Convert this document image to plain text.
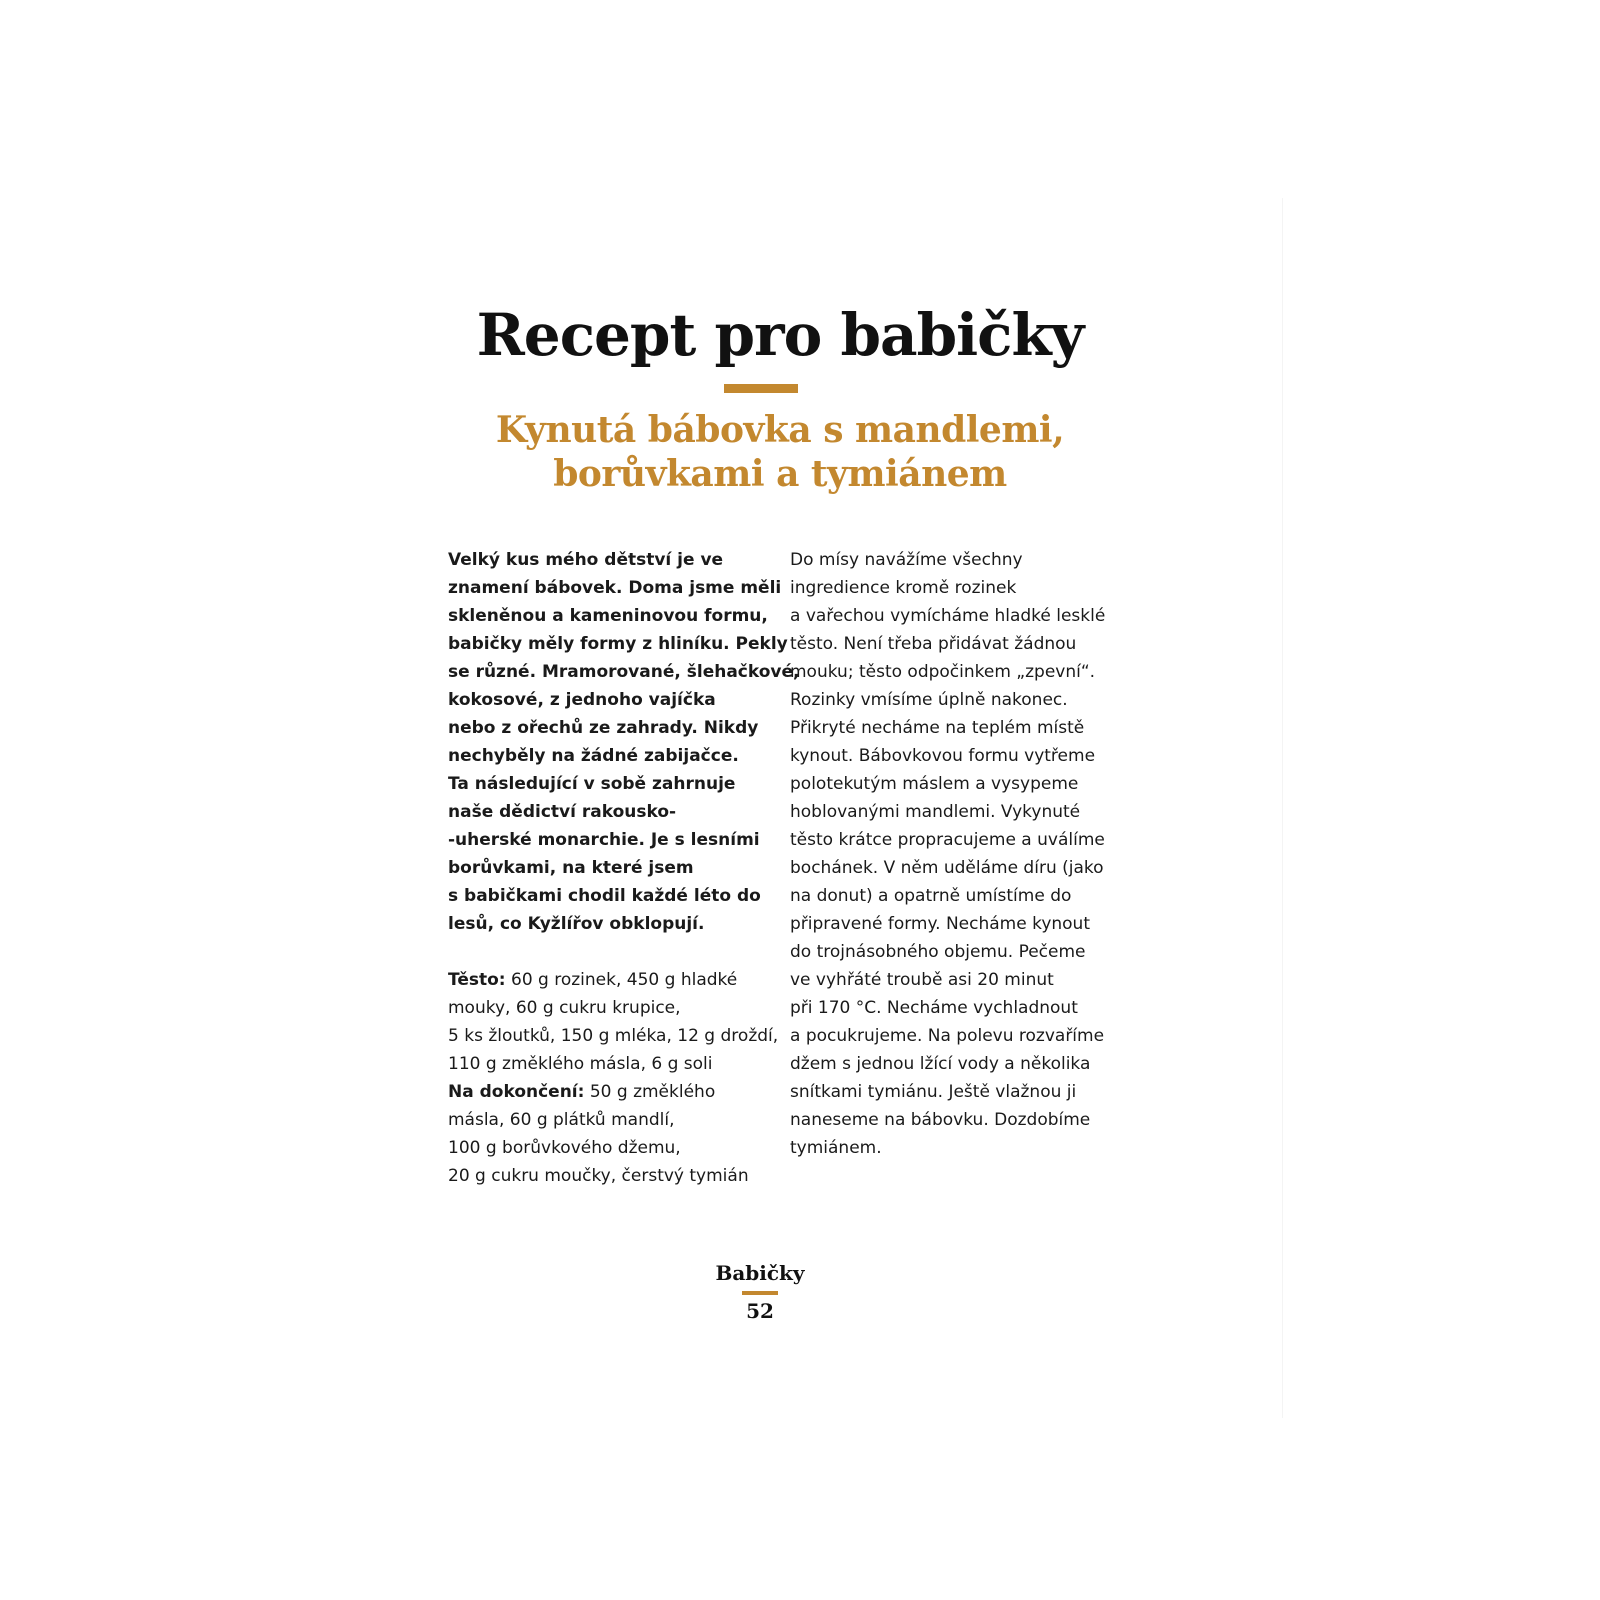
Recept pro babičky
Kynutá bábovka s mandlemi,
borůvkami a tymiánem
Velký kus mého dětství je ve
znamení bábovek. Doma jsme měli
skleněnou a kameninovou formu,
babičky měly formy z hliníku. Pekly
se různé. Mramorované, šlehačkové,
kokosové, z jednoho vajíčka
nebo z ořechů ze zahrady. Nikdy
nechyběly na žádné zabijačce.
Ta následující v sobě zahrnuje
naše dědictví rakousko-
-uherské monarchie. Je s lesními
borůvkami, na které jsem
s babičkami chodil každé léto do
lesů, co Kyžlířov obklopují.
Těsto: 60 g rozinek, 450 g hladké
mouky, 60 g cukru krupice,
5 ks žloutků, 150 g mléka, 12 g droždí,
110 g změklého másla, 6 g soli
Na dokončení: 50 g změklého
másla, 60 g plátků mandlí,
100 g borůvkového džemu,
20 g cukru moučky, čerstvý tymián
Do mísy navážíme všechny
ingredience kromě rozinek
a vařechou vymícháme hladké lesklé
těsto. Není třeba přidávat žádnou
mouku; těsto odpočinkem „zpevní“.
Rozinky vmísíme úplně nakonec.
Přikryté necháme na teplém místě
kynout. Bábovkovou formu vytřeme
polotekutým máslem a vysypeme
hoblovanými mandlemi. Vykynuté
těsto krátce propracujeme a uválíme
bochánek. V něm uděláme díru (jako
na donut) a opatrně umístíme do
připravené formy. Necháme kynout
do trojnásobného objemu. Pečeme
ve vyhřáté troubě asi 20 minut
při 170 °C. Necháme vychladnout
a pocukrujeme. Na polevu rozvaříme
džem s jednou lžící vody a několika
snítkami tymiánu. Ještě vlažnou ji
naneseme na bábovku. Dozdobíme
tymiánem.
Babičky
52
